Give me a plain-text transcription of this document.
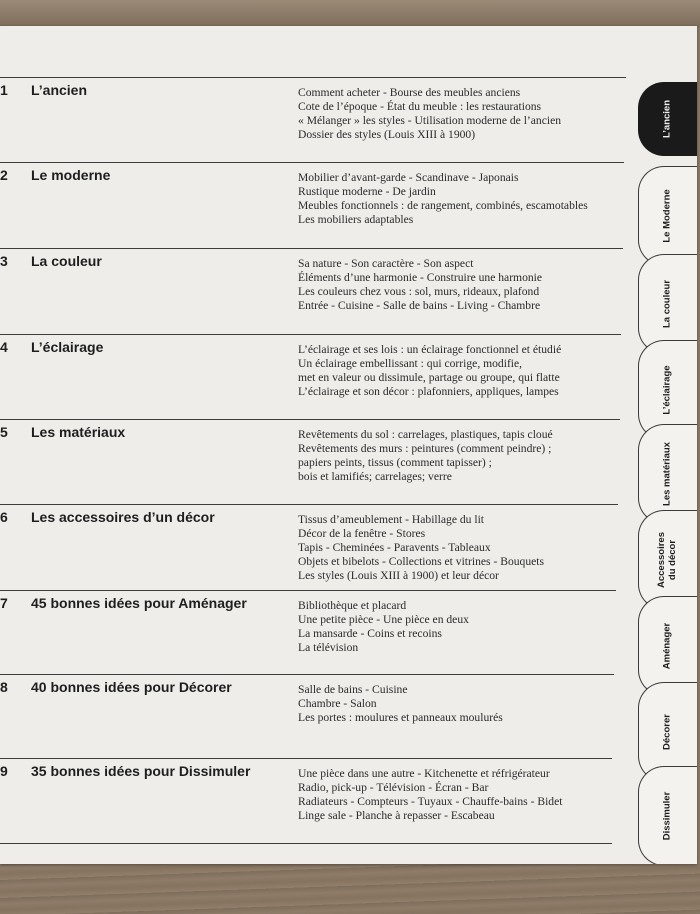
1 L’ancien	Comment acheter - Bourse des meubles anciens
Cote de l’époque - État du meuble : les restaurations
« Mélanger » les styles - Utilisation moderne de l’ancien
Dossier des styles (Louis XIII à 1900)
2 Le moderne	Mobilier d’avant-garde - Scandinave - Japonais
Rustique moderne - De jardin
Meubles fonctionnels : de rangement, combinés, escamotables
Les mobiliers adaptables
3 La couleur	Sa nature - Son caractère - Son aspect
Éléments d’une harmonie - Construire une harmonie
Les couleurs chez vous : sol, murs, rideaux, plafond
Entrée - Cuisine - Salle de bains - Living - Chambre
4 L’éclairage	L’éclairage et ses lois : un éclairage fonctionnel et étudié
Un éclairage embellissant : qui corrige, modifie,
met en valeur ou dissimule, partage ou groupe, qui flatte
L’éclairage et son décor : plafonniers, appliques, lampes
5 Les matériaux	Revêtements du sol : carrelages, plastiques, tapis cloué
Revêtements des murs : peintures (comment peindre) ;
papiers peints, tissus (comment tapisser) ;
bois et lamifiés; carrelages; verre
6 Les accessoires d’un décor	Tissus d’ameublement - Habillage du lit
Décor de la fenêtre - Stores
Tapis - Cheminées - Paravents - Tableaux
Objets et bibelots - Collections et vitrines - Bouquets
Les styles (Louis XIII à 1900) et leur décor
7 45 bonnes idées pour Aménager	Bibliothèque et placard
Une petite pièce - Une pièce en deux
La mansarde - Coins et recoins
La télévision
8 40 bonnes idées pour Décorer	Salle de bains - Cuisine
Chambre - Salon
Les portes : moulures et panneaux moulurés
9 35 bonnes idées pour Dissimuler	Une pièce dans une autre - Kitchenette et réfrigérateur
Radio, pick-up - Télévision - Écran - Bar
Radiateurs - Compteurs - Tuyaux - Chauffe-bains - Bidet
Linge sale - Planche à repasser - Escabeau
L’ancien
Le Moderne
La couleur
L’éclairage
Les matériaux
Accessoires
du décor
Aménager
Décorer
Dissimuler
